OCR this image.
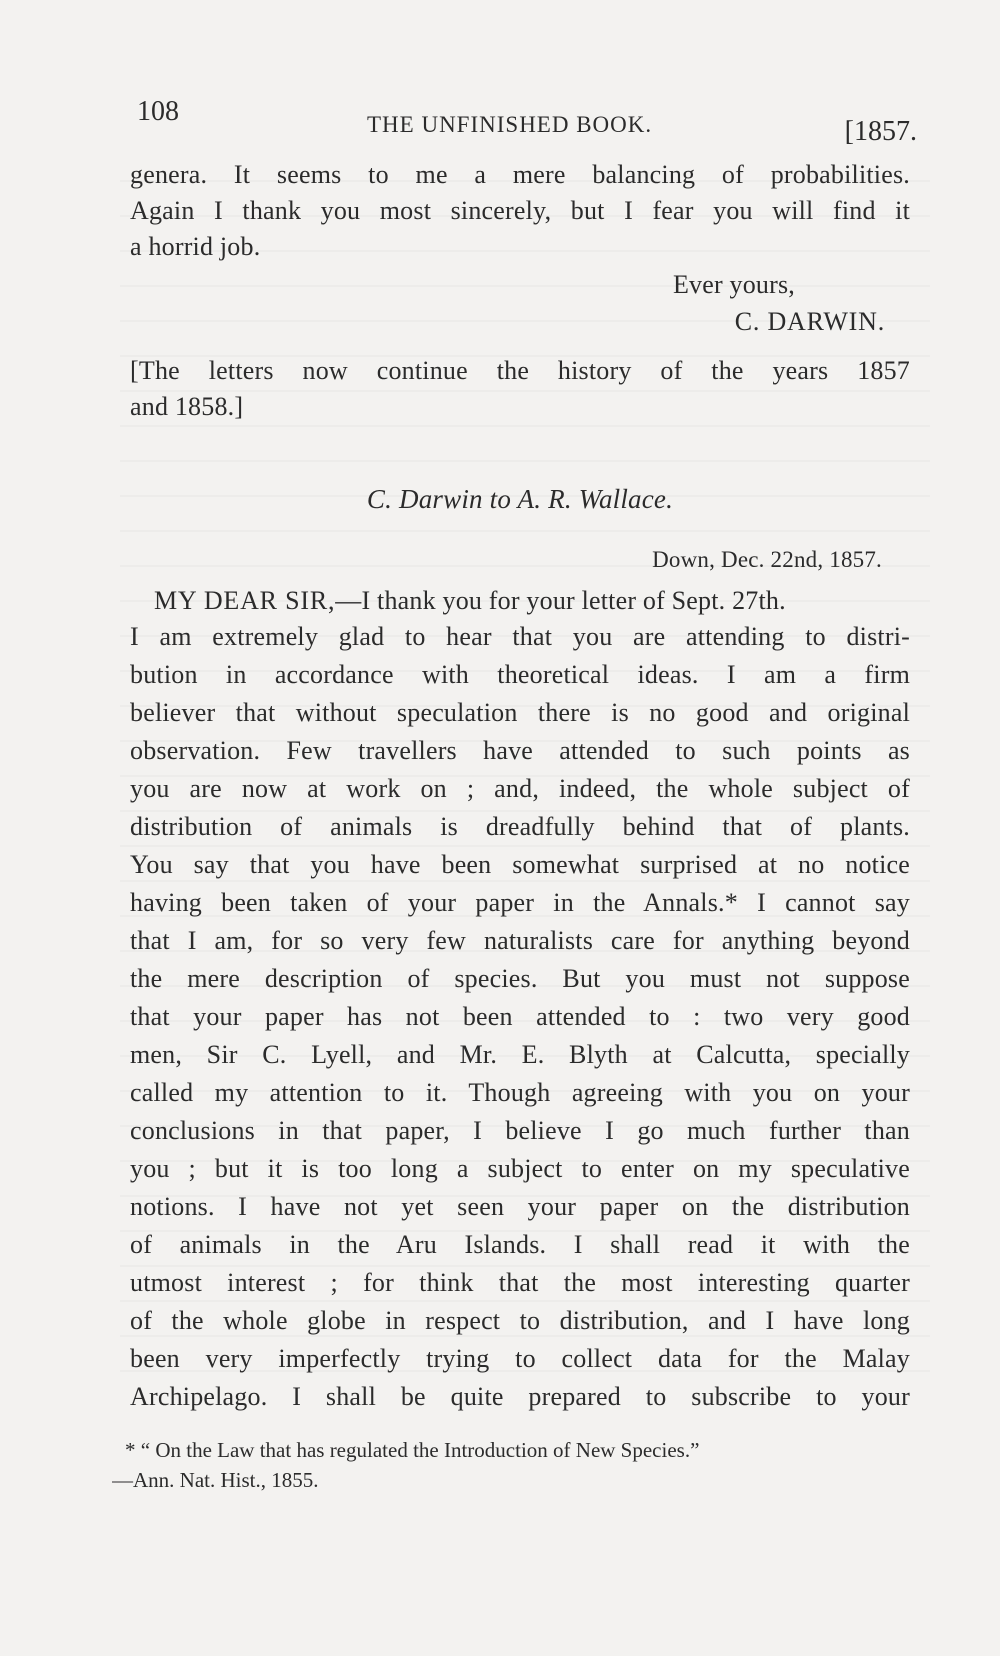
108	THE UNFINISHED BOOK.	[1857.
genera. It seems to me a mere balancing of probabilities.
Again I thank you most sincerely, but I fear you will find it
a horrid job.
Ever yours,
C. DARWIN.
[The letters now continue the history of the years 1857
and 1858.]
C. Darwin to A. R. Wallace.
Down, Dec. 22nd, 1857.
MY DEAR SIR,—I thank you for your letter of Sept. 27th.
I am extremely glad to hear that you are attending to distri-
bution in accordance with theoretical ideas. I am a firm
believer that without speculation there is no good and original
observation. Few travellers have attended to such points as
you are now at work on ; and, indeed, the whole subject of
distribution of animals is dreadfully behind that of plants.
You say that you have been somewhat surprised at no notice
having been taken of your paper in the Annals.* I cannot say
that I am, for so very few naturalists care for anything beyond
the mere description of species. But you must not suppose
that your paper has not been attended to : two very good
men, Sir C. Lyell, and Mr. E. Blyth at Calcutta, specially
called my attention to it. Though agreeing with you on your
conclusions in that paper, I believe I go much further than
you ; but it is too long a subject to enter on my speculative
notions. I have not yet seen your paper on the distribution
of animals in the Aru Islands. I shall read it with the
utmost interest ; for think that the most interesting quarter
of the whole globe in respect to distribution, and I have long
been very imperfectly trying to collect data for the Malay
Archipelago. I shall be quite prepared to subscribe to your
* “ On the Law that has regulated the Introduction of New Species.”
—Ann. Nat. Hist., 1855.
